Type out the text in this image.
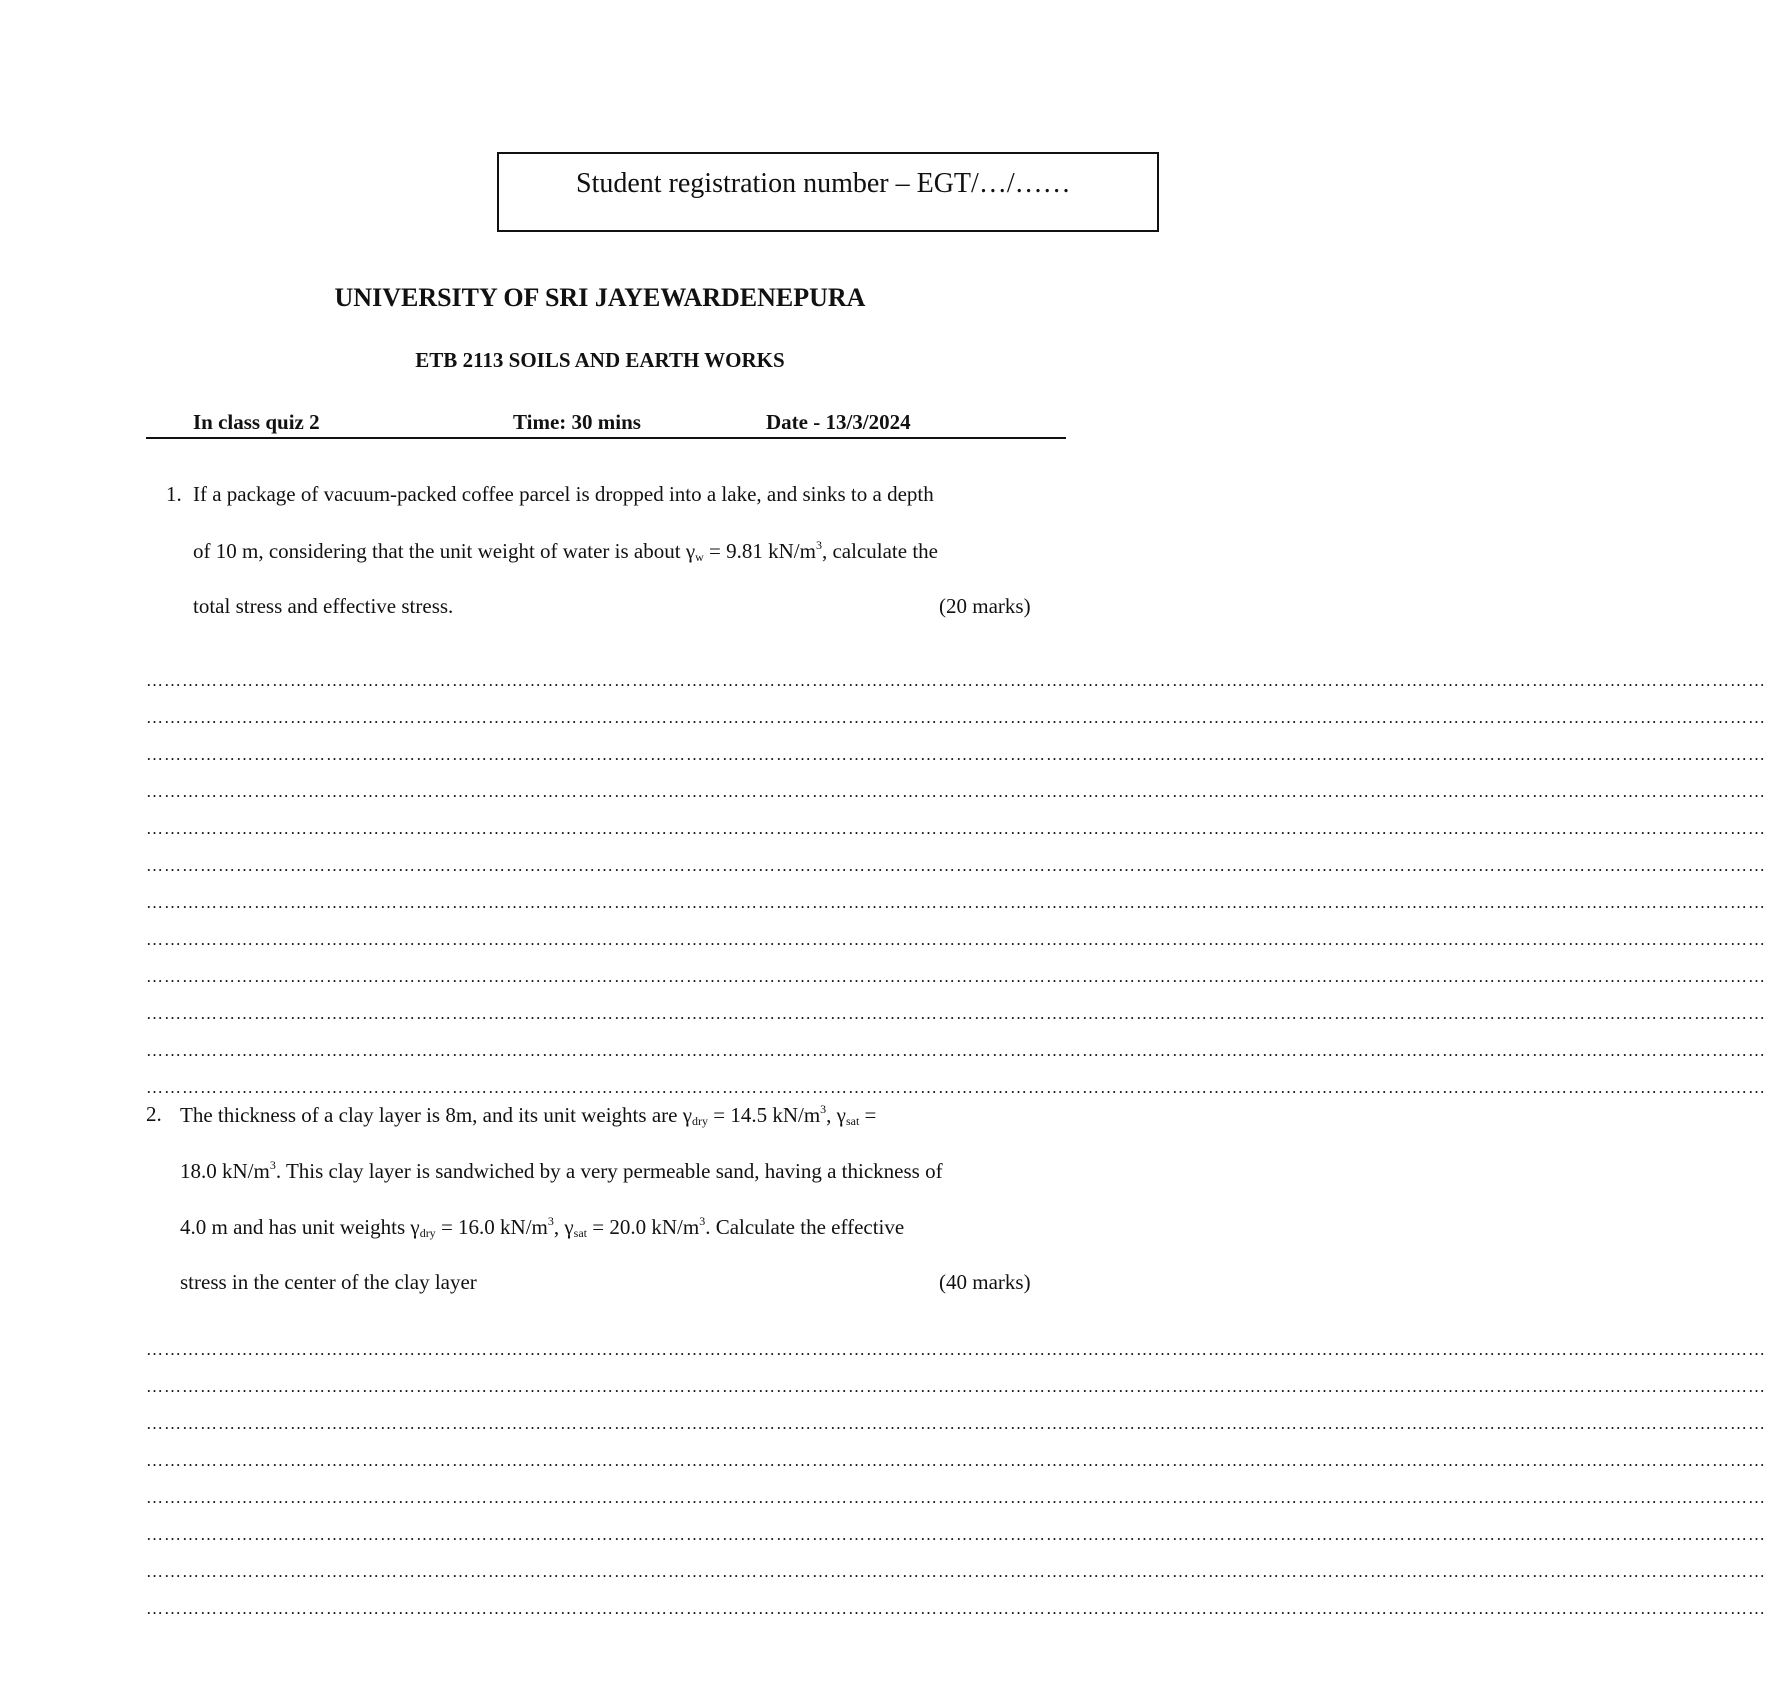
Student registration number – EGT/…/……
UNIVERSITY OF SRI JAYEWARDENEPURA
ETB 2113 SOILS AND EARTH WORKS
In class quiz 2	Time: 30 mins	Date - 13/3/2024
1. If a package of vacuum-packed coffee parcel is dropped into a lake, and sinks to a depth
of 10 m, considering that the unit weight of water is about $\gamma_w = 9.81$ $kN/m^3$, calculate the
total stress and effective stress.	(20 marks)
………………………………………………………………………………………………………………………………………………………………………………………………………………………………………………
………………………………………………………………………………………………………………………………………………………………………………………………………………………………………………
………………………………………………………………………………………………………………………………………………………………………………………………………………………………………………
………………………………………………………………………………………………………………………………………………………………………………………………………………………………………………
………………………………………………………………………………………………………………………………………………………………………………………………………………………………………………
………………………………………………………………………………………………………………………………………………………………………………………………………………………………………………
………………………………………………………………………………………………………………………………………………………………………………………………………………………………………………
………………………………………………………………………………………………………………………………………………………………………………………………………………………………………………
………………………………………………………………………………………………………………………………………………………………………………………………………………………………………………
………………………………………………………………………………………………………………………………………………………………………………………………………………………………………………
………………………………………………………………………………………………………………………………………………………………………………………………………………………………………………
………………………………………………………………………………………………………………………………………………………………………………………………………………………………………………
2. The thickness of a clay layer is 8m, and its unit weights are $\gamma_{dry} = 14.5$ $kN/m^3$, $\gamma_{sat}$ =
18.0 $kN/m^3$. This clay layer is sandwiched by a very permeable sand, having a thickness of
4.0 m and has unit weights $\gamma_{dry} = 16.0$ $kN/m^3$, $\gamma_{sat} = 20.0$ $kN/m^3$. Calculate the effective
stress in the center of the clay layer	(40 marks)
………………………………………………………………………………………………………………………………………………………………………………………………………………………………………………
………………………………………………………………………………………………………………………………………………………………………………………………………………………………………………
………………………………………………………………………………………………………………………………………………………………………………………………………………………………………………
………………………………………………………………………………………………………………………………………………………………………………………………………………………………………………
………………………………………………………………………………………………………………………………………………………………………………………………………………………………………………
………………………………………………………………………………………………………………………………………………………………………………………………………………………………………………
………………………………………………………………………………………………………………………………………………………………………………………………………………………………………………
………………………………………………………………………………………………………………………………………………………………………………………………………………………………………………
